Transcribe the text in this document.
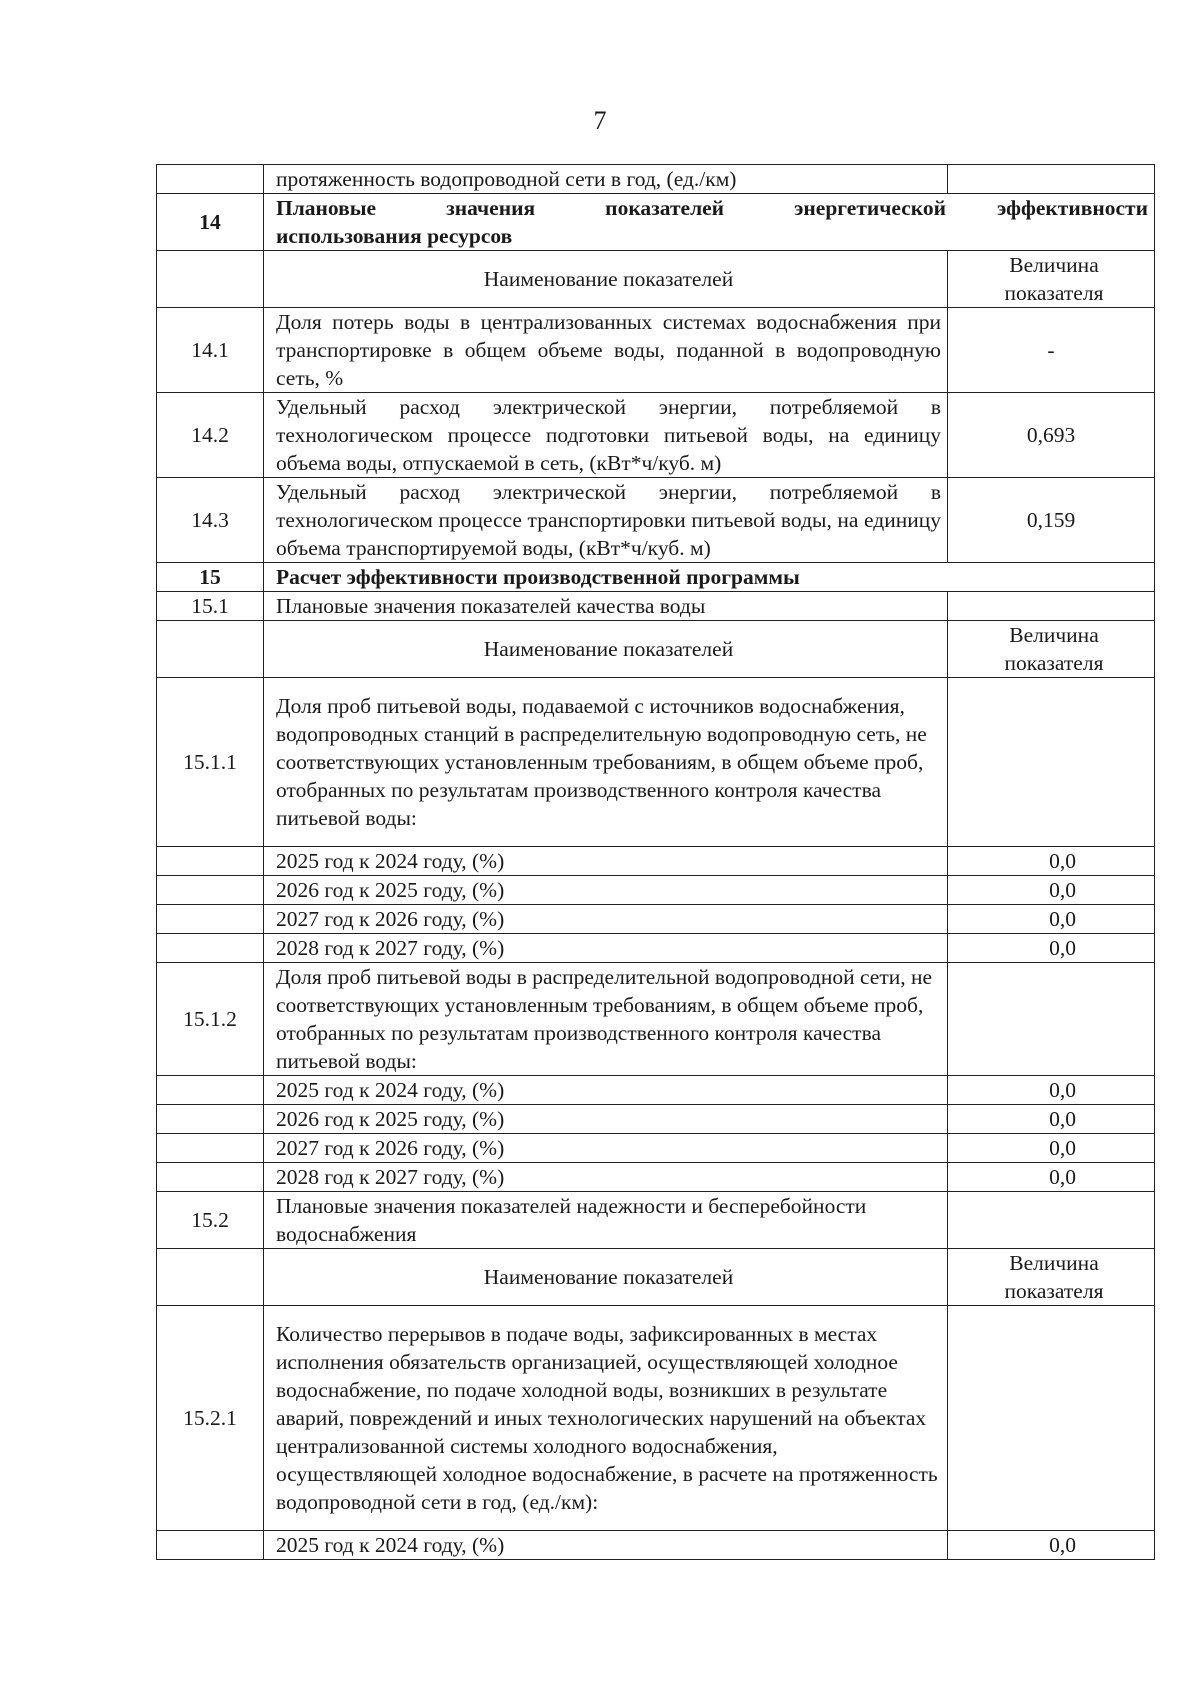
7
	протяженность водопроводной сети в год, (ед./км)	
14	Плановые значения показателей энергетической эффективности
использования ресурсов	

	Наименование показателей	Величина показателя
14.1	Доля потерь воды в централизованных системах водоснабжения при транспортировке в общем объеме воды, поданной в водопроводную сеть, %	-
14.2	Удельный расход электрической энергии, потребляемой в технологическом процессе подготовки питьевой воды, на единицу объема воды, отпускаемой в сеть, (кВт*ч/куб. м)	0,693
14.3	Удельный расход электрической энергии, потребляемой в технологическом процессе транспортировки питьевой воды, на единицу объема транспортируемой воды, (кВт*ч/куб. м)	0,159
15	Расчет эффективности производственной программы	
15.1	Плановые значения показателей качества воды	
	Наименование показателей	Величина показателя
15.1.1	Доля проб питьевой воды, подаваемой с источников водоснабжения, водопроводных станций в распределительную водопроводную сеть, не соответствующих установленным требованиям, в общем объеме проб, отобранных по результатам производственного контроля качества питьевой воды:	
	2025 год к 2024 году, (%)	0,0
	2026 год к 2025 году, (%)	0,0
	2027 год к 2026 году, (%)	0,0
	2028 год к 2027 году, (%)	0,0
15.1.2	Доля проб питьевой воды в распределительной водопроводной сети, не соответствующих установленным требованиям, в общем объеме проб, отобранных по результатам производственного контроля качества питьевой воды:	
	2025 год к 2024 году, (%)	0,0
	2026 год к 2025 году, (%)	0,0
	2027 год к 2026 году, (%)	0,0
	2028 год к 2027 году, (%)	0,0
15.2	Плановые значения показателей надежности и бесперебойности водоснабжения	
	Наименование показателей	Величина показателя
15.2.1	Количество перерывов в подаче воды, зафиксированных в местах исполнения обязательств организацией, осуществляющей холодное водоснабжение, по подаче холодной воды, возникших в результате аварий, повреждений и иных технологических нарушений на объектах централизованной системы холодного водоснабжения, осуществляющей холодное водоснабжение, в расчете на протяженность водопроводной сети в год, (ед./км):	
	2025 год к 2024 году, (%)	0,0
